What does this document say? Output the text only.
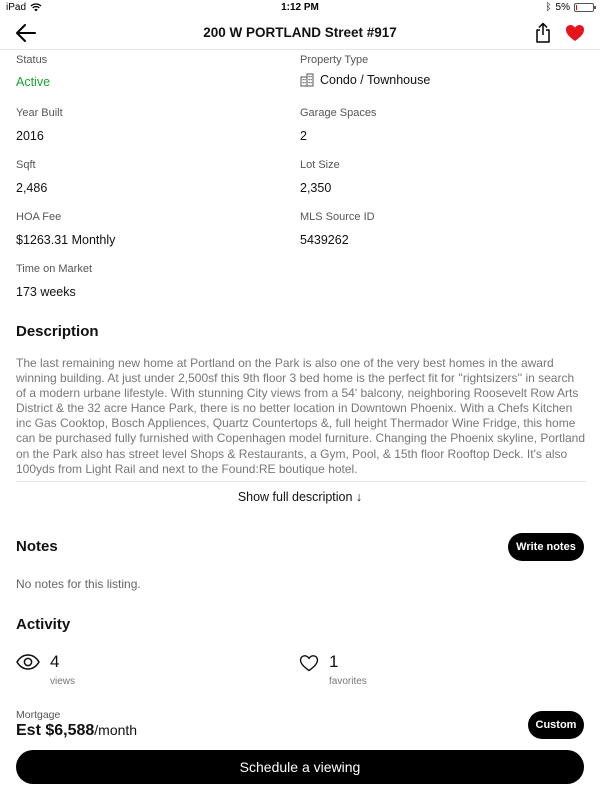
iPad	1:12 PM	ᛒ 5%
200 W PORTLAND Street #917
Status
Active
Property Type
Condo / Townhouse
Year Built
2016
Garage Spaces
2
Sqft
2,486
Lot Size
2,350
HOA Fee
$1263.31 Monthly
MLS Source ID
5439262
Time on Market
173 weeks
Description
The last remaining new home at Portland on the Park is also one of the very best homes in the award winning building. At just under 2,500sf this 9th floor 3 bed home is the perfect fit for ''rightsizers'' in search of a modern urbane lifestyle. With stunning City views from a 54' balcony, neighboring Roosevelt Row Arts District & the 32 acre Hance Park, there is no better location in Downtown Phoenix. With a Chefs Kitchen inc Gas Cooktop, Bosch Appliences, Quartz Countertops &, full height Thermador Wine Fridge, this home can be purchased fully furnished with Copenhagen model furniture. Changing the Phoenix skyline, Portland on the Park also has street level Shops & Restaurants, a Gym, Pool, & 15th floor Rooftop Deck. It's also 100yds from Light Rail and next to the Found:RE boutique hotel.
Show full description ↓
Notes	Write notes
No notes for this listing.
Activity
4
views
1
favorites
Mortgage
Est $6,588/month	Custom
Schedule a viewing
